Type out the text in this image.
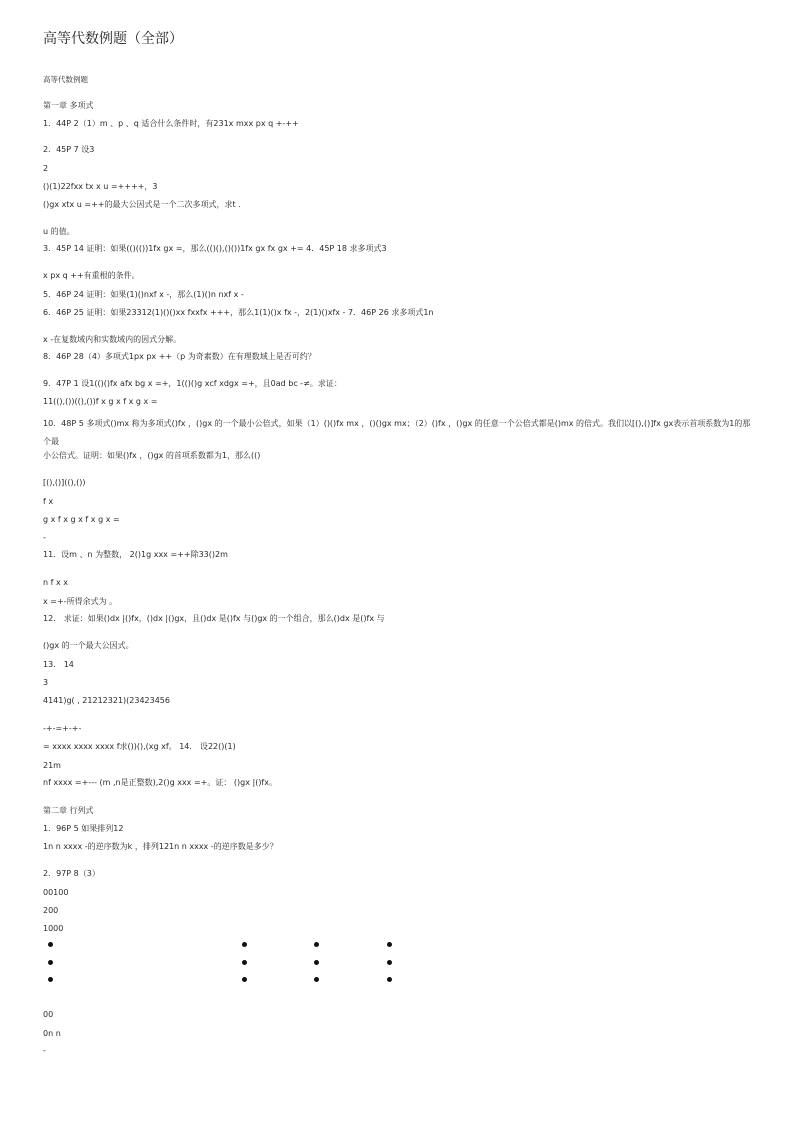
高等代数例题（全部）
高等代数例题
第一章 多项式
1．44P 2（1）m 、p 、q 适合什么条件时，有231x mxx px q +-++
2．45P 7 设3
2
()(1)22fxx tx x u =++++，3
()gx xtx u =++的最大公因式是一个二次多项式，求t .
u 的值。
3．45P 14 证明：如果(()(())1fx gx =，那么(()(),()())1fx gx fx gx += 4．45P 18 求多项式3
x px q ++有重根的条件。
5．46P 24 证明：如果(1)()nxf x -，那么(1)()n nxf x -
6．46P 25 证明：如果23312(1)()()xx fxxfx +++，那么1(1)()x fx -，2(1)()xfx - 7．46P 26 求多项式1n
x -在复数域内和实数域内的因式分解。
8．46P 28（4）多项式1px px ++（p 为奇素数）在有理数域上是否可约？
9．47P 1 设1(()()fx afx bg x =+，1(()()g xcf xdgx =+，且0ad bc -≠。求证：
11((),())((),())f x g x f x g x =
10．48P 5 多项式()mx 称为多项式()fx ，()gx 的一个最小公倍式，如果（1）()()fx mx ，()()gx mx；（2）()fx ，()gx 的任意一个公倍式都是()mx 的倍式。我们以[(),()]fx gx表示首项系数为1的那个最
小公倍式。证明：如果()fx ，()gx 的首项系数都为1，那么(()
[(),()]((),())
f x
g x f x g x f x g x =
-
11．设m 、n 为整数， 2()1g xxx =++除33()2m
n f x x
x =+-所得余式为 。
12． 求证：如果()dx |()fx，()dx |()gx，且()dx 是()fx 与()gx 的一个组合，那么()dx 是()fx 与
()gx 的一个最大公因式。
13． 14
3
4141)g( , 21212321)(23423456
-+-=+-+-
= xxxx xxxx xxxx f求())(),(xg xf。 14． 设22()(1)
21m
nf xxxx =+--- (m ,n是正整数),2()g xxx =+。证： ()gx |()fx。
第二章 行列式
1．96P 5 如果排列12
1n n xxxx -的逆序数为k ，排列121n n xxxx -的逆序数是多少？
2．97P 8（3）
00100
200
1000
00
0n n
-
